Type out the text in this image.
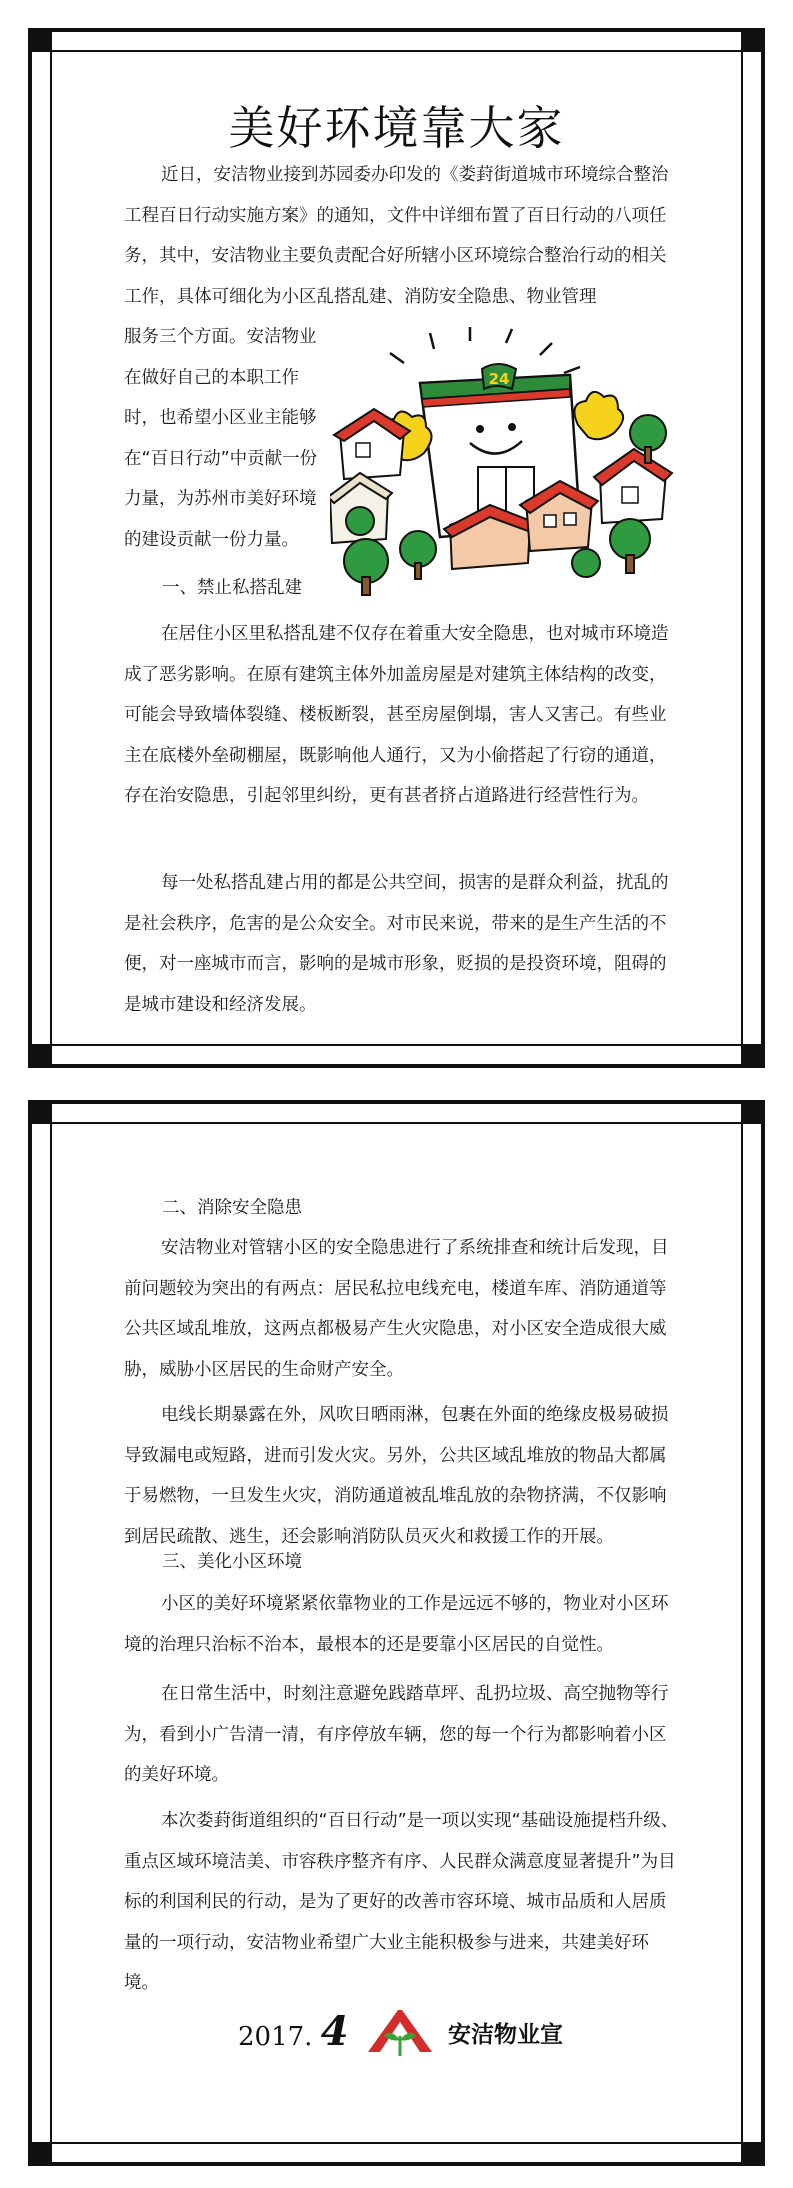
美好环境靠大家

近日，安洁物业接到苏园委办印发的《娄葑街道城市环境综合整治工程百日行动实施方案》的通知，文件中详细布置了百日行动的八项任务，其中，安洁物业主要负责配合好所辖小区环境综合整治行动的相关工作，具体可细化为小区乱搭乱建、消防安全隐患、物业管理

服务三个方面。安洁物业在做好自己的本职工作时，也希望小区业主能够在“百日行动”中贡献一份力量，为苏州市美好环境的建设贡献一份力量。

24
一、禁止私搭乱建

在居住小区里私搭乱建不仅存在着重大安全隐患，也对城市环境造成了恶劣影响。在原有建筑主体外加盖房屋是对建筑主体结构的改变，可能会导致墙体裂缝、楼板断裂，甚至房屋倒塌，害人又害己。有些业主在底楼外垒砌棚屋，既影响他人通行，又为小偷搭起了行窃的通道，存在治安隐患，引起邻里纠纷，更有甚者挤占道路进行经营性行为。

每一处私搭乱建占用的都是公共空间，损害的是群众利益，扰乱的是社会秩序，危害的是公众安全。对市民来说，带来的是生产生活的不便，对一座城市而言，影响的是城市形象，贬损的是投资环境，阻碍的是城市建设和经济发展。

二、消除安全隐患

安洁物业对管辖小区的安全隐患进行了系统排查和统计后发现，目前问题较为突出的有两点：居民私拉电线充电，楼道车库、消防通道等公共区域乱堆放，这两点都极易产生火灾隐患，对小区安全造成很大威胁，威胁小区居民的生命财产安全。

电线长期暴露在外，风吹日晒雨淋，包裹在外面的绝缘皮极易破损导致漏电或短路，进而引发火灾。另外，公共区域乱堆放的物品大都属于易燃物，一旦发生火灾，消防通道被乱堆乱放的杂物挤满，不仅影响到居民疏散、逃生，还会影响消防队员灭火和救援工作的开展。

三、美化小区环境

小区的美好环境紧紧依靠物业的工作是远远不够的，物业对小区环境的治理只治标不治本，最根本的还是要靠小区居民的自觉性。

在日常生活中，时刻注意避免践踏草坪、乱扔垃圾、高空抛物等行为，看到小广告清一清，有序停放车辆，您的每一个行为都影响着小区的美好环境。

本次娄葑街道组织的“百日行动”是一项以实现“基础设施提档升级、重点区域环境洁美、市容秩序整齐有序、人民群众满意度显著提升”为目标的利国利民的行动，是为了更好的改善市容环境、城市品质和人居质量的一项行动，安洁物业希望广大业主能积极参与进来，共建美好环境。

2017. 4	安洁物业宣
